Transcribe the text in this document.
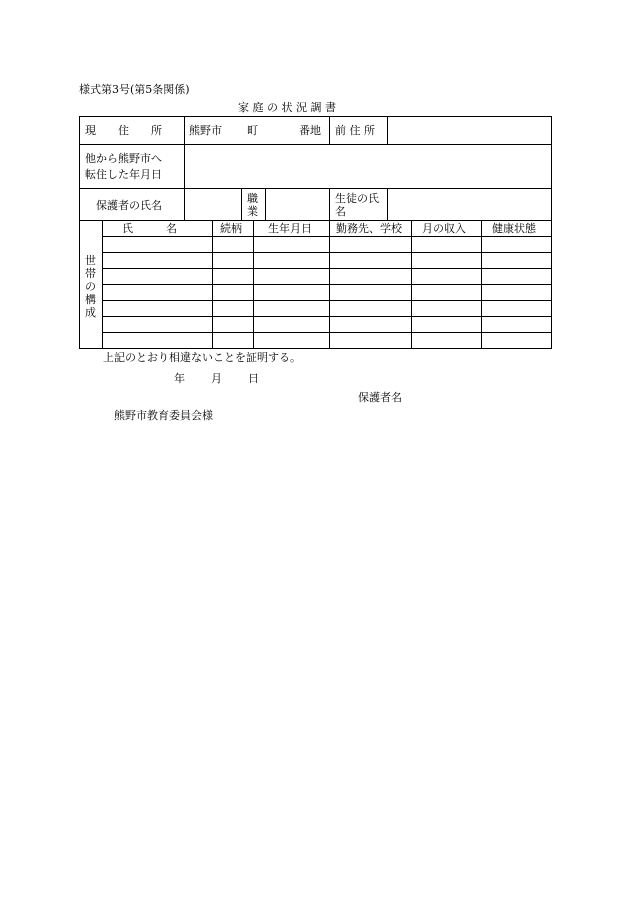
様式第3号(第5条関係)
家 庭 の 状 況 調 書
現　　住　　所 熊野市 町	番地 前 住 所
他から熊野市へ
転住した年月日
保護者の氏名
職
業
生徒の氏
名
世
帯
の
構
成
氏　　　名	続柄 生年月日 勤務先、学校 月の収入 健康状態
上記のとおり相違ないことを証明する。
年 月 日
保護者名
熊野市教育委員会様
